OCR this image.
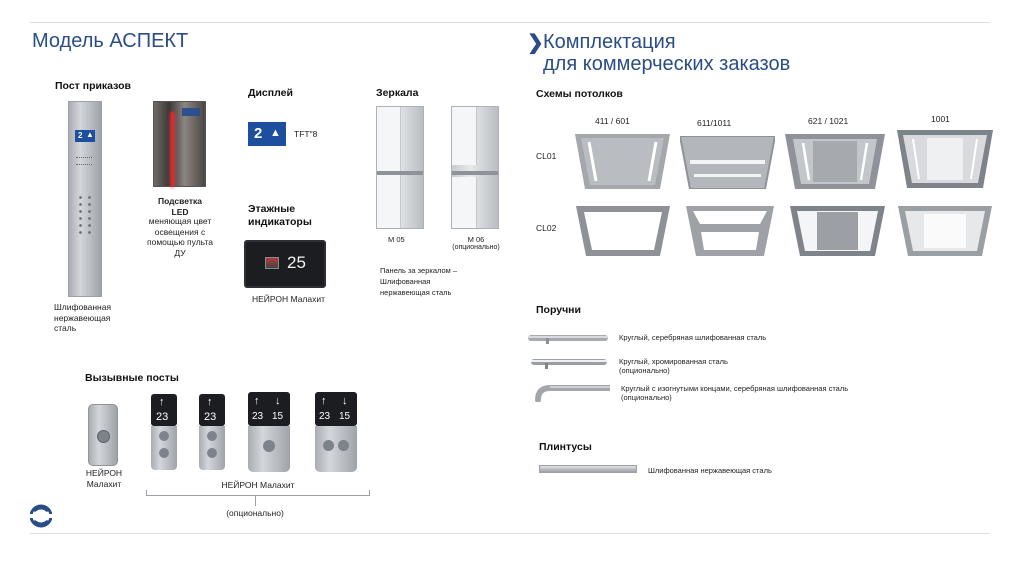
Модель АСПЕКТ	❯ Комплектация
для коммерческих заказов
Пост приказов
2 ▲
Шлифованная нержавеющая сталь
Подсветка
LED
меняющая цвет освещения с помощью пульта ДУ
Дисплей
2 ▲ TFT"8
Этажные
индикаторы
25
НЕЙРОН Малахит
Зеркала
M 05	M 06
(опционально)
Панель за зеркалом –
Шлифованная
нержавеющая сталь
Вызывные посты
НЕЙРОН
Малахит
↑
23
↑
23
↑ ↓
23 15
↑ ↓
23 15
НЕЙРОН Малахит
(опционально)
Схемы потолков
411 / 601	611/1011	621 / 1021	1001
CL01
CL02
Поручни
Круглый, серебряная шлифованная сталь
Круглый, хромированная сталь
(опционально)
Круглый с изогнутыми концами, серебряная шлифованная сталь
(опционально)
Плинтусы
Шлифованная нержавеющая сталь
